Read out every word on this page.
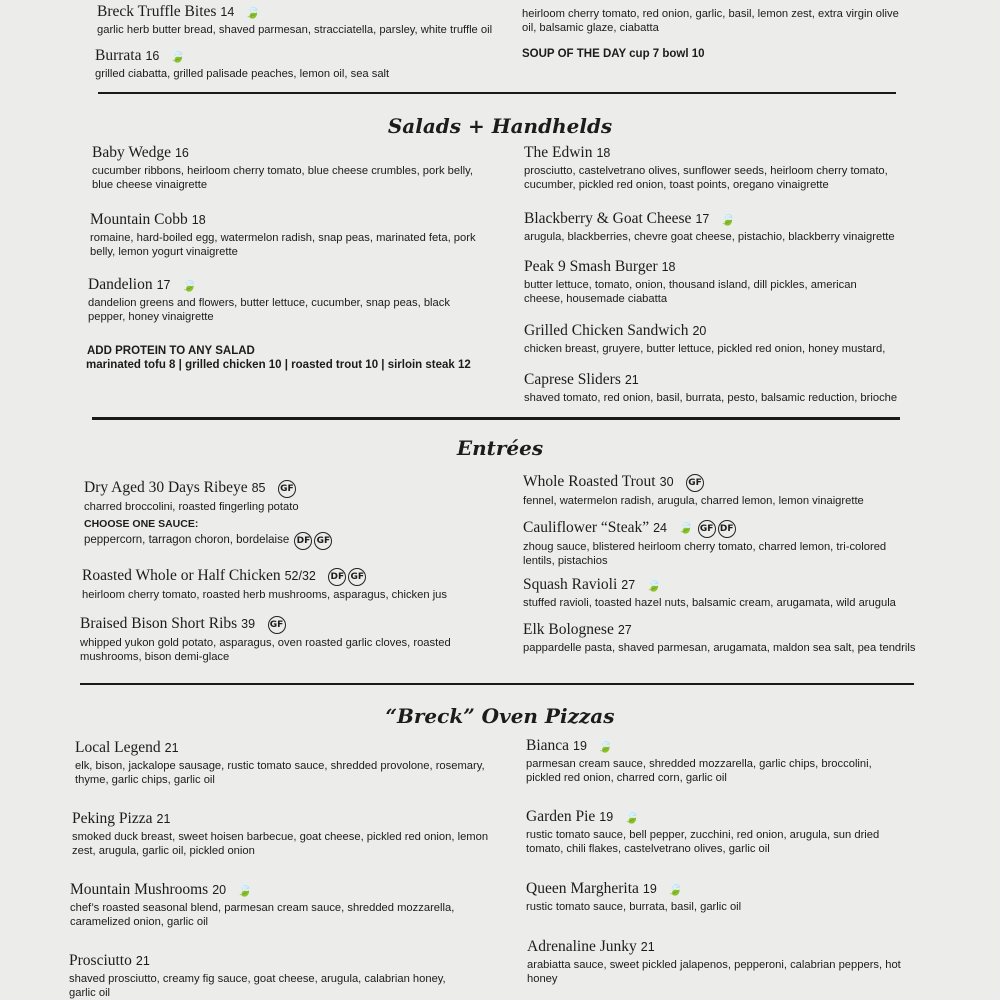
Breck Truffle Bites 14 🍃
garlic herb butter bread, shaved parmesan, stracciatella, parsley, white truffle oil
Burrata 16 🍃
grilled ciabatta, grilled palisade peaches, lemon oil, sea salt
heirloom cherry tomato, red onion, garlic, basil, lemon zest, extra virgin olive oil, balsamic glaze, ciabatta
SOUP OF THE DAY cup 7 bowl 10
Salads + Handhelds
Baby Wedge 16
cucumber ribbons, heirloom cherry tomato, blue cheese crumbles, pork belly, blue cheese vinaigrette
Mountain Cobb 18
romaine, hard-boiled egg, watermelon radish, snap peas, marinated feta, pork belly, lemon yogurt vinaigrette
Dandelion 17 🍃
dandelion greens and flowers, butter lettuce, cucumber, snap peas, black pepper, honey vinaigrette
ADD PROTEIN TO ANY SALAD
marinated tofu 8 | grilled chicken 10 | roasted trout 10 | sirloin steak 12
The Edwin 18
prosciutto, castelvetrano olives, sunflower seeds, heirloom cherry tomato, cucumber, pickled red onion, toast points, oregano vinaigrette
Blackberry & Goat Cheese 17 🍃
arugula, blackberries, chevre goat cheese, pistachio, blackberry vinaigrette
Peak 9 Smash Burger 18
butter lettuce, tomato, onion, thousand island, dill pickles, american cheese, housemade ciabatta
Grilled Chicken Sandwich 20
chicken breast, gruyere, butter lettuce, pickled red onion, honey mustard,
Caprese Sliders 21
shaved tomato, red onion, basil, burrata, pesto, balsamic reduction, brioche
Entrées
Dry Aged 30 Days Ribeye 85 GF
charred broccolini, roasted fingerling potato
CHOOSE ONE SAUCE:
peppercorn, tarragon choron, bordelaise DF GF
Roasted Whole or Half Chicken 52/32 DF GF
heirloom cherry tomato, roasted herb mushrooms, asparagus, chicken jus
Braised Bison Short Ribs 39 GF
whipped yukon gold potato, asparagus, oven roasted garlic cloves, roasted mushrooms, bison demi-glace
Whole Roasted Trout 30 GF
fennel, watermelon radish, arugula, charred lemon, lemon vinaigrette
Cauliflower “Steak” 24 🍃 GF DF
zhoug sauce, blistered heirloom cherry tomato, charred lemon, tri-colored lentils, pistachios
Squash Ravioli 27 🍃
stuffed ravioli, toasted hazel nuts, balsamic cream, arugamata, wild arugula
Elk Bolognese 27
pappardelle pasta, shaved parmesan, arugamata, maldon sea salt, pea tendrils
“Breck” Oven Pizzas
Local Legend 21
elk, bison, jackalope sausage, rustic tomato sauce, shredded provolone, rosemary, thyme, garlic chips, garlic oil
Peking Pizza 21
smoked duck breast, sweet hoisen barbecue, goat cheese, pickled red onion, lemon zest, arugula, garlic oil, pickled onion
Mountain Mushrooms 20 🍃
chef’s roasted seasonal blend, parmesan cream sauce, shredded mozzarella, caramelized onion, garlic oil
Prosciutto 21
shaved prosciutto, creamy fig sauce, goat cheese, arugula, calabrian honey, garlic oil
Bianca 19 🍃
parmesan cream sauce, shredded mozzarella, garlic chips, broccolini, pickled red onion, charred corn, garlic oil
Garden Pie 19 🍃
rustic tomato sauce, bell pepper, zucchini, red onion, arugula, sun dried tomato, chili flakes, castelvetrano olives, garlic oil
Queen Margherita 19 🍃
rustic tomato sauce, burrata, basil, garlic oil
Adrenaline Junky 21
arabiatta sauce, sweet pickled jalapenos, pepperoni, calabrian peppers, hot honey
